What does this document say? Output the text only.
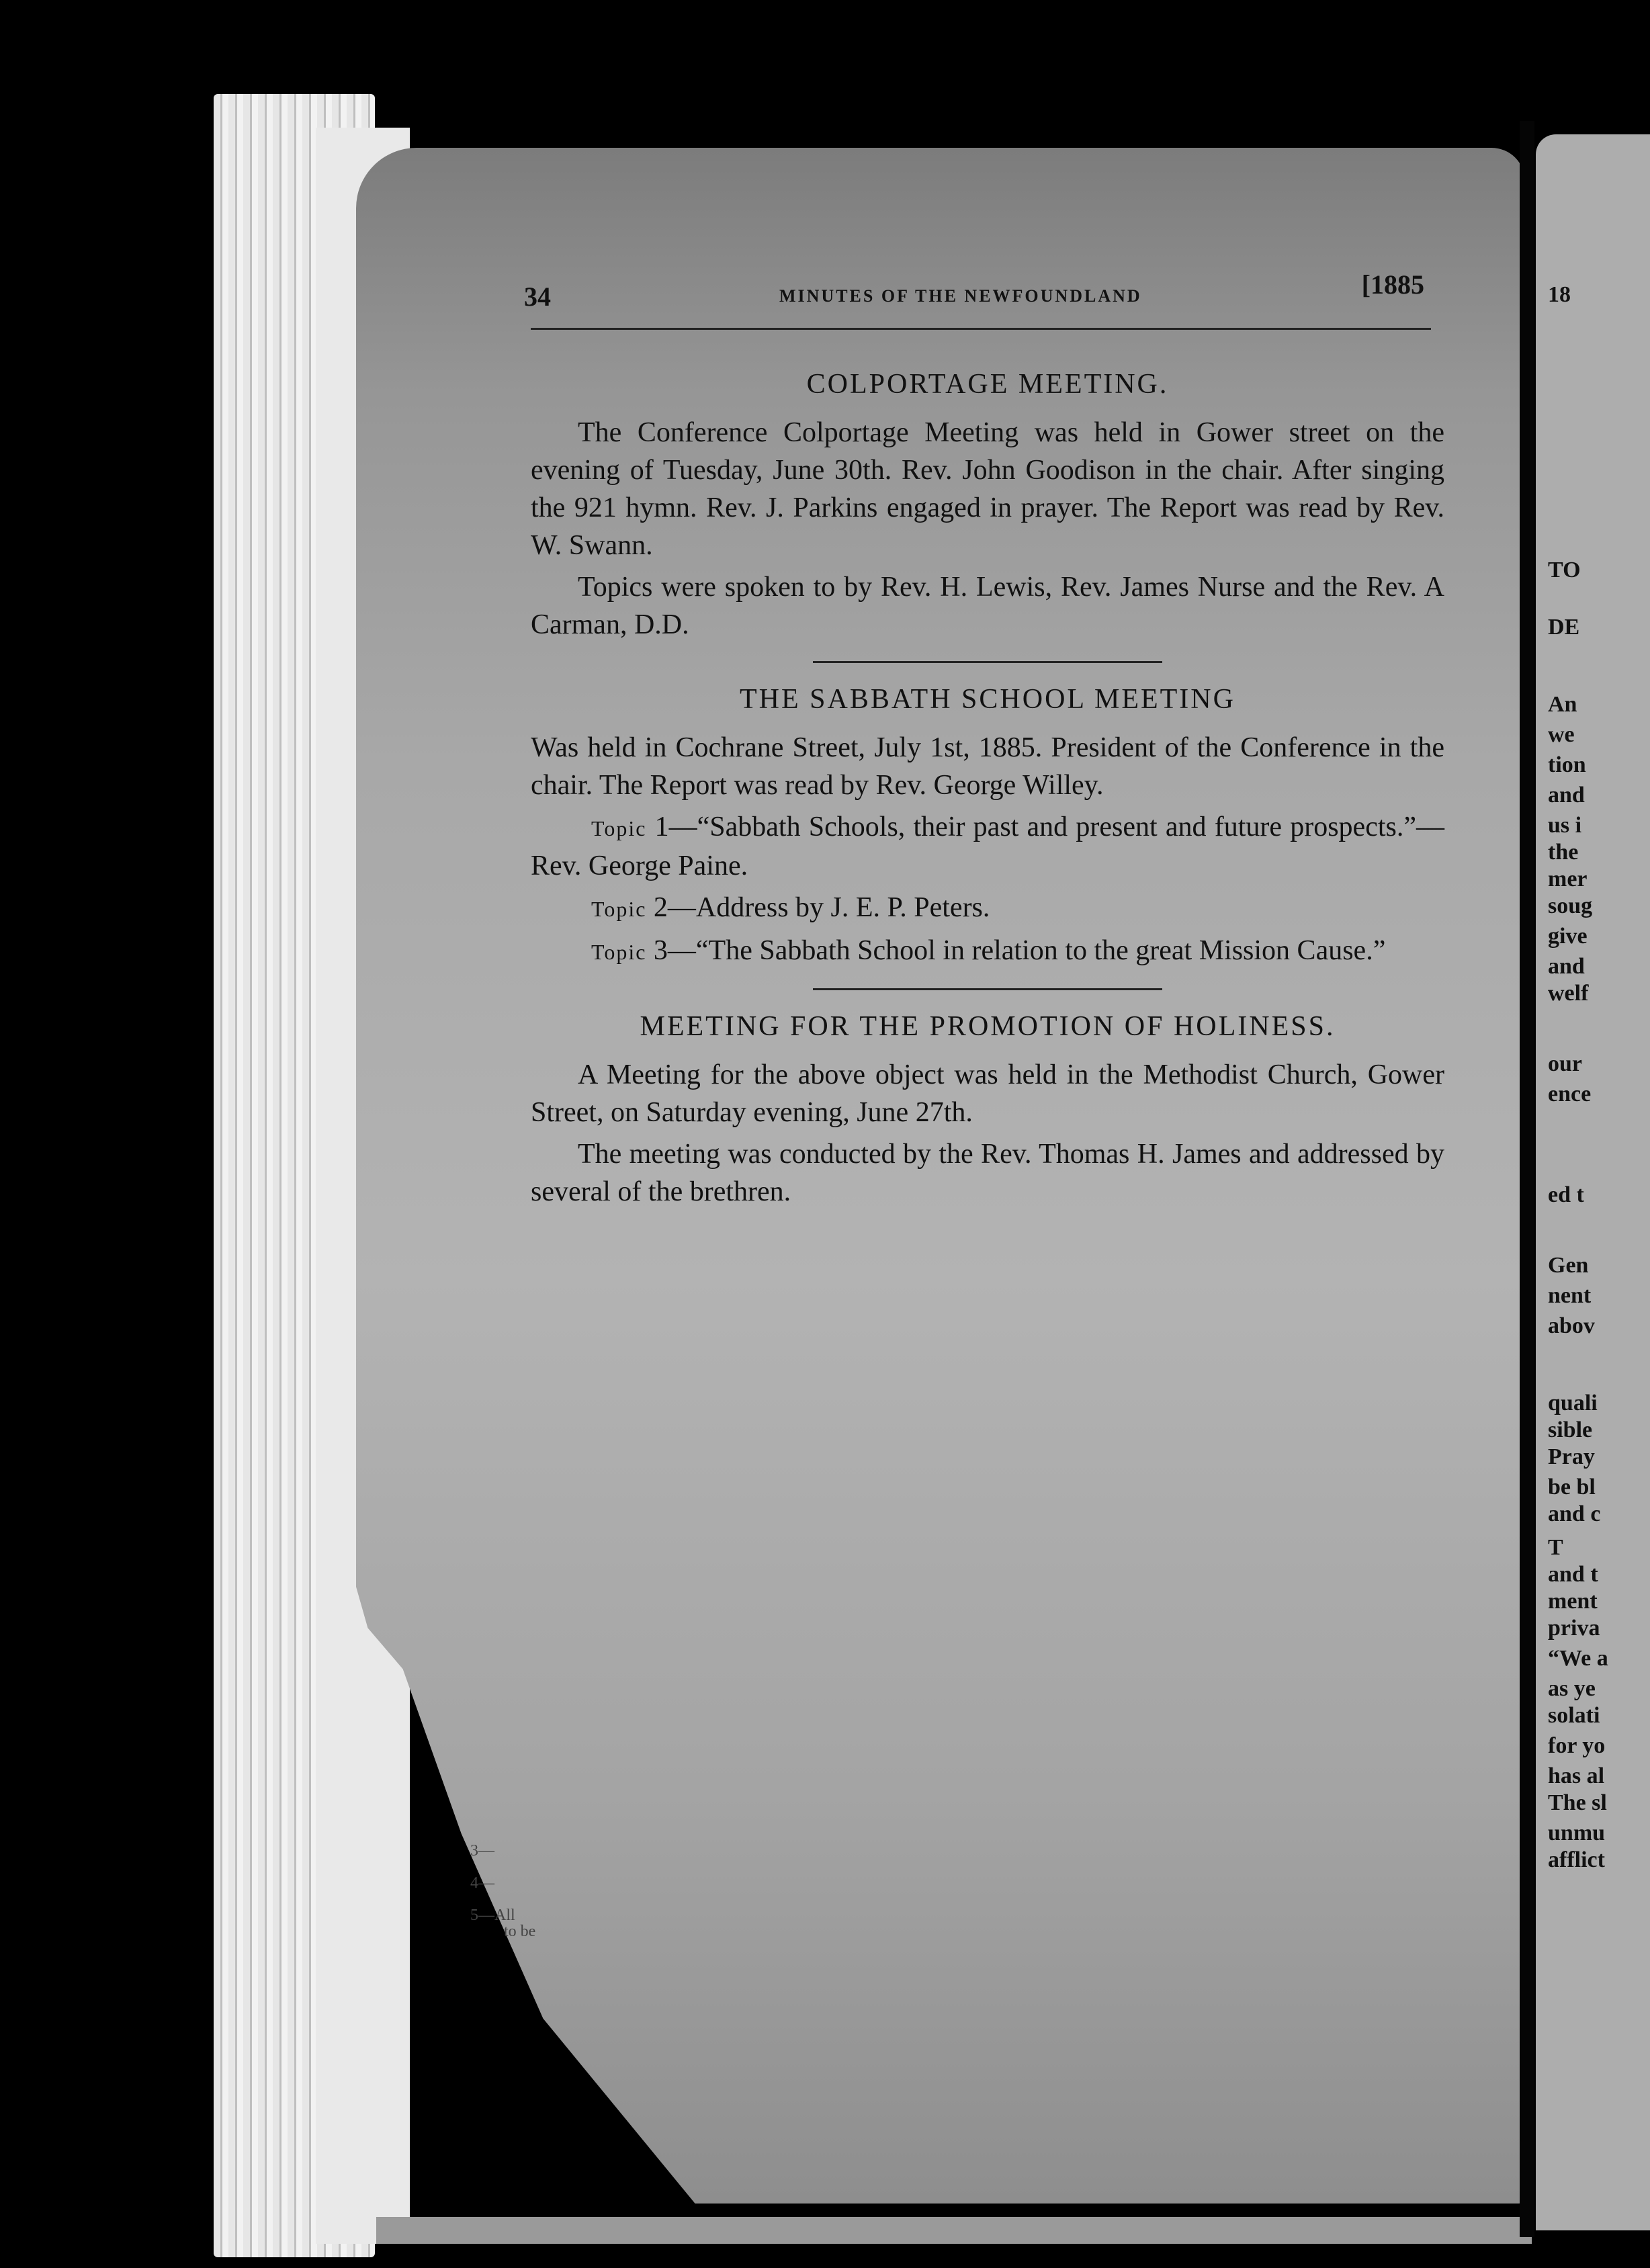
18
TO
DE
An
we
tion
and
us i
the
mer
soug
give
and
welf
our
ence
ed t
Gen
nent
abov
quali
sible
Pray
be bl
and c
T
and t
ment
priva
“We a
as ye
solati
for yo
has al
The sl
unmu
afflict
3—
4—
5—All
to be
34	MINUTES OF THE NEWFOUNDLAND	[1885
COLPORTAGE MEETING.

The Conference Colportage Meeting was held in Gower street on the evening of Tuesday, June 30th. Rev. John Goodison in the chair. After singing the 921 hymn. Rev. J. Parkins engaged in prayer. The Report was read by Rev. W. Swann.

Topics were spoken to by Rev. H. Lewis, Rev. James Nurse and the Rev. A Carman, D.D.

THE SABBATH SCHOOL MEETING

Was held in Cochrane Street, July 1st, 1885. President of the Conference in the chair. The Report was read by Rev. George Willey.

Topic 1—“Sabbath Schools, their past and present and future prospects.”—Rev. George Paine.

Topic 2—Address by J. E. P. Peters.

Topic 3—“The Sabbath School in relation to the great Mission Cause.”

MEETING FOR THE PROMOTION OF HOLINESS.

A Meeting for the above object was held in the Methodist Church, Gower Street, on Saturday evening, June 27th.

The meeting was conducted by the Rev. Thomas H. James and addressed by several of the brethren.
